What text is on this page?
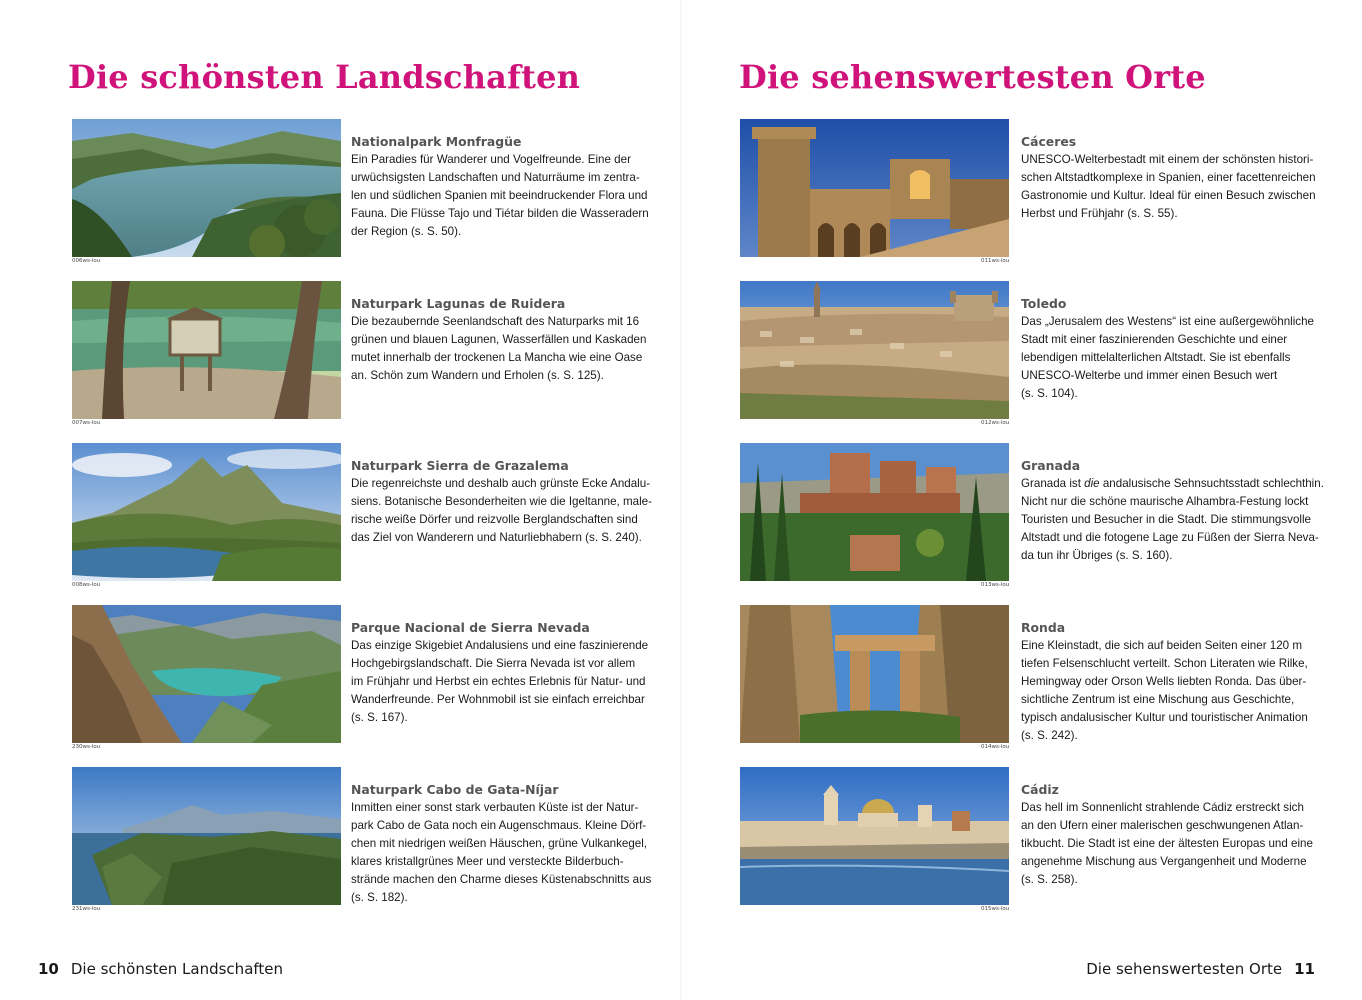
Die schönsten Landschaften
006ws-lou
Nationalpark Monfragüe
Ein Paradies für Wanderer und Vogelfreunde. Eine der
urwüchsigsten Landschaften und Naturräume im zentra-
len und südlichen Spanien mit beeindruckender Flora und
Fauna. Die Flüsse Tajo und Tiétar bilden die Wasseradern
der Region (s. S. 50).
007ws-lou
Naturpark Lagunas de Ruidera
Die bezaubernde Seenlandschaft des Naturparks mit 16
grünen und blauen Lagunen, Wasserfällen und Kaskaden
mutet innerhalb der trockenen La Mancha wie eine Oase
an. Schön zum Wandern und Erholen (s. S. 125).
008ws-lou
Naturpark Sierra de Grazalema
Die regenreichste und deshalb auch grünste Ecke Andalu-
siens. Botanische Besonderheiten wie die Igeltanne, male-
rische weiße Dörfer und reizvolle Berglandschaften sind
das Ziel von Wanderern und Naturliebhabern (s. S. 240).
230ws-lou
Parque Nacional de Sierra Nevada
Das einzige Skigebiet Andalusiens und eine faszinierende
Hochgebirgslandschaft. Die Sierra Nevada ist vor allem
im Frühjahr und Herbst ein echtes Erlebnis für Natur- und
Wanderfreunde. Per Wohnmobil ist sie einfach erreichbar
(s. S. 167).
231ws-lou
Naturpark Cabo de Gata-Níjar
Inmitten einer sonst stark verbauten Küste ist der Natur-
park Cabo de Gata noch ein Augenschmaus. Kleine Dörf-
chen mit niedrigen weißen Häuschen, grüne Vulkankegel,
klares kristallgrünes Meer und versteckte Bilderbuch-
strände machen den Charme dieses Küstenabschnitts aus
(s. S. 182).
10 Die schönsten Landschaften
Die sehenswertesten Orte
011ws-lou
Cáceres
UNESCO-Welterbestadt mit einem der schönsten histori-
schen Altstadtkomplexe in Spanien, einer facettenreichen
Gastronomie und Kultur. Ideal für einen Besuch zwischen
Herbst und Frühjahr (s. S. 55).
012ws-lou
Toledo
Das „Jerusalem des Westens“ ist eine außergewöhnliche
Stadt mit einer faszinierenden Geschichte und einer
lebendigen mittelalterlichen Altstadt. Sie ist ebenfalls
UNESCO-Welterbe und immer einen Besuch wert
(s. S. 104).
013ws-lou
Granada
Granada ist die andalusische Sehnsuchtsstadt schlechthin.
Nicht nur die schöne maurische Alhambra-Festung lockt
Touristen und Besucher in die Stadt. Die stimmungsvolle
Altstadt und die fotogene Lage zu Füßen der Sierra Neva-
da tun ihr Übriges (s. S. 160).
014ws-lou
Ronda
Eine Kleinstadt, die sich auf beiden Seiten einer 120 m
tiefen Felsenschlucht verteilt. Schon Literaten wie Rilke,
Hemingway oder Orson Wells liebten Ronda. Das über-
sichtliche Zentrum ist eine Mischung aus Geschichte,
typisch andalusischer Kultur und touristischer Animation
(s. S. 242).
015ws-lou
Cádiz
Das hell im Sonnenlicht strahlende Cádiz erstreckt sich
an den Ufern einer malerischen geschwungenen Atlan-
tikbucht. Die Stadt ist eine der ältesten Europas und eine
angenehme Mischung aus Vergangenheit und Moderne
(s. S. 258).
Die sehenswertesten Orte 11
